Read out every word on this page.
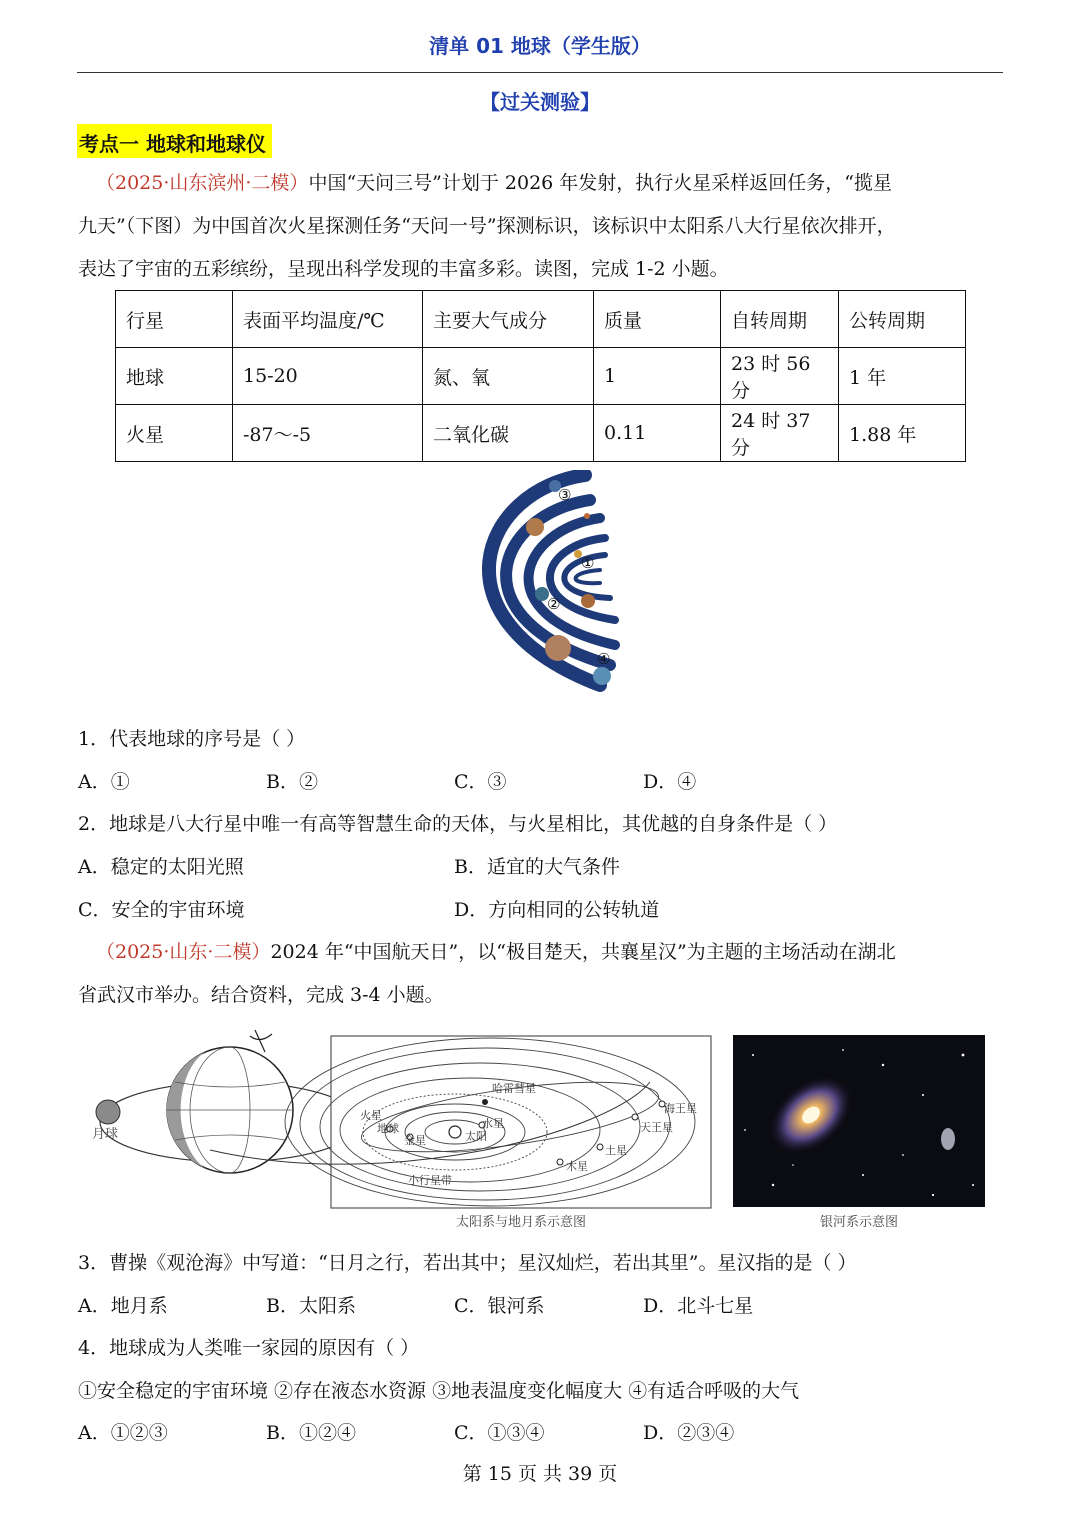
清单 01 地球（学生版）
【过关测验】
考点一 地球和地球仪
（2025·山东滨州·二模）中国“天问三号”计划于 2026 年发射，执行火星采样返回任务，“揽星
九天”（下图）为中国首次火星探测任务“天问一号”探测标识，该标识中太阳系八大行星依次排开，
表达了宇宙的五彩缤纷，呈现出科学发现的丰富多彩。读图，完成 1-2 小题。
行星	表面平均温度/℃	主要大气成分	质量	自转周期	公转周期
地球	15-20	氮、氧	1	23 时 56 分	1 年
火星	-87～-5	二氧化碳	0.11	24 时 37 分	1.88 年
③
①
②
④
1．代表地球的序号是（ ）
A．①	B．②	C．③	D．④
2．地球是八大行星中唯一有高等智慧生命的天体，与火星相比，其优越的自身条件是（ ）
A．稳定的太阳光照	B．适宜的大气条件
C．安全的宇宙环境	D．方向相同的公转轨道
（2025·山东·二模）2024 年“中国航天日”，以“极目楚天，共襄星汉”为主题的主场活动在湖北
省武汉市举办。结合资料，完成 3-4 小题。
月球
哈雷彗星
火星
地球
金星
水星
太阳
小行星带
木星
土星
天王星
海王星
太阳系与地月系示意图	银河系示意图
3．曹操《观沧海》中写道：“日月之行，若出其中；星汉灿烂，若出其里”。星汉指的是（ ）
A．地月系	B．太阳系	C．银河系	D．北斗七星
4．地球成为人类唯一家园的原因有（ ）
①安全稳定的宇宙环境 ②存在液态水资源 ③地表温度变化幅度大 ④有适合呼吸的大气
A．①②③	B．①②④	C．①③④	D．②③④
第 15 页 共 39 页
